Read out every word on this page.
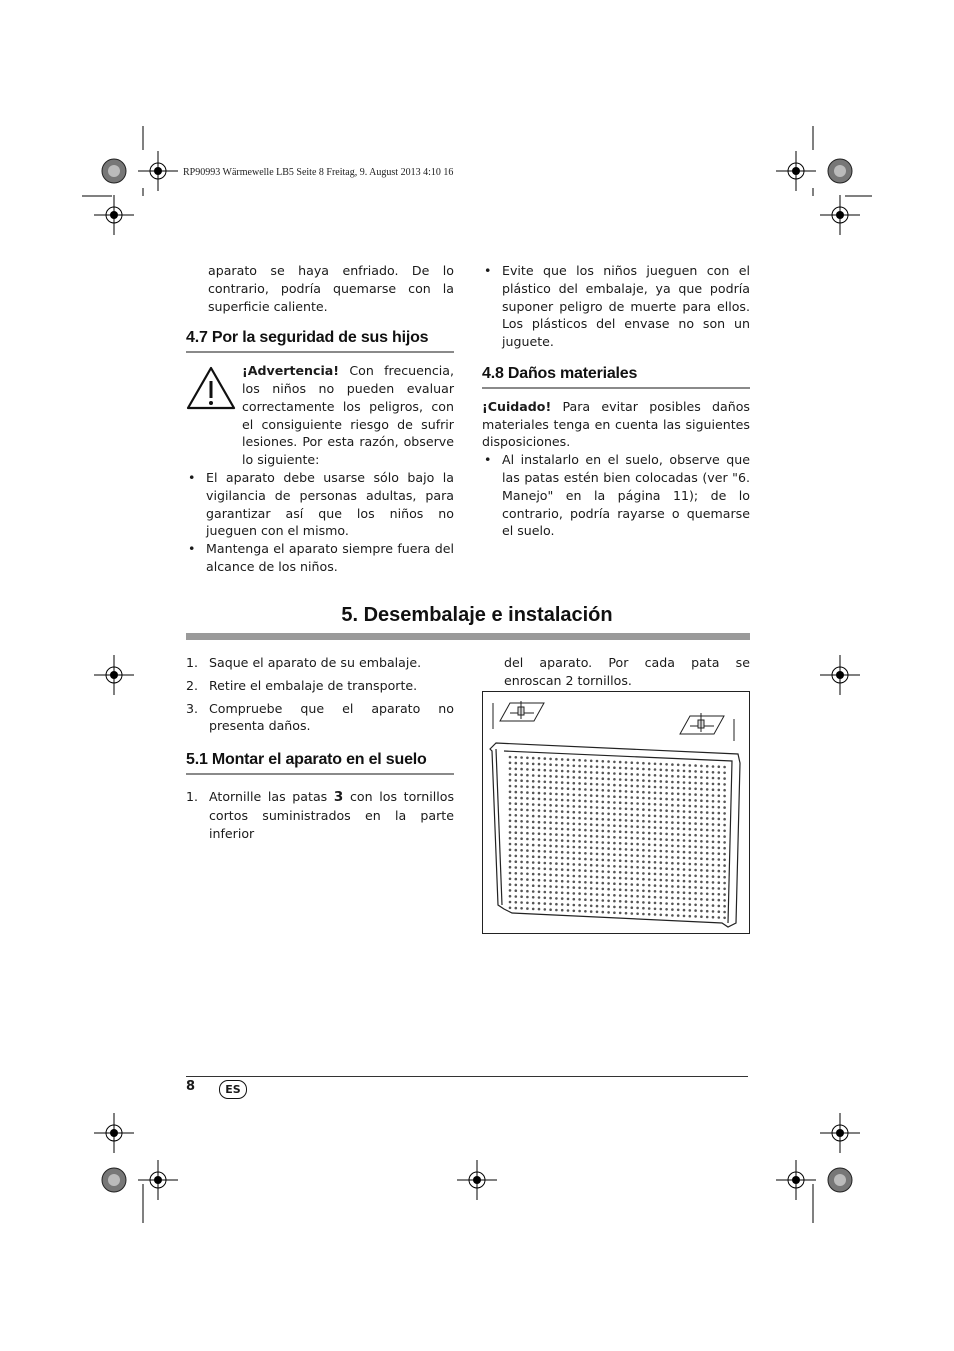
RP90993 Wärmewelle LB5 Seite 8 Freitag, 9. August 2013 4:10 16

aparato se haya enfriado. De lo contrario, podría quemarse con la superficie caliente.

4.7 Por la seguridad de sus hijos

¡Advertencia! Con frecuencia, los niños no pueden evaluar correctamente los peligros, con el consiguiente riesgo de sufrir lesiones. Por esta razón, observe lo siguiente:

• El aparato debe usarse sólo bajo la vigilancia de personas adultas, para garantizar así que los niños no jueguen con el mismo.
• Mantenga el aparato siempre fuera del alcance de los niños.
• Evite que los niños jueguen con el plástico del embalaje, ya que podría suponer peligro de muerte para ellos. Los plásticos del envase no son un juguete.
4.8 Daños materiales

¡Cuidado! Para evitar posibles daños materiales tenga en cuenta las siguientes disposiciones.

• Al instalarlo en el suelo, observe que las patas estén bien colocadas (ver "6. Manejo" en la página 11); de lo contrario, podría rayarse o quemarse el suelo.
5. Desembalaje e instalación
1. Saque el aparato de su embalaje.
2. Retire el embalaje de transporte.
3. Compruebe que el aparato no presenta daños.
5.1 Montar el aparato en el suelo
1. Atornille las patas 3 con los tornillos cortos suministrados en la parte inferior

del aparato. Por cada pata se enroscan 2 tornillos.

8	ES
